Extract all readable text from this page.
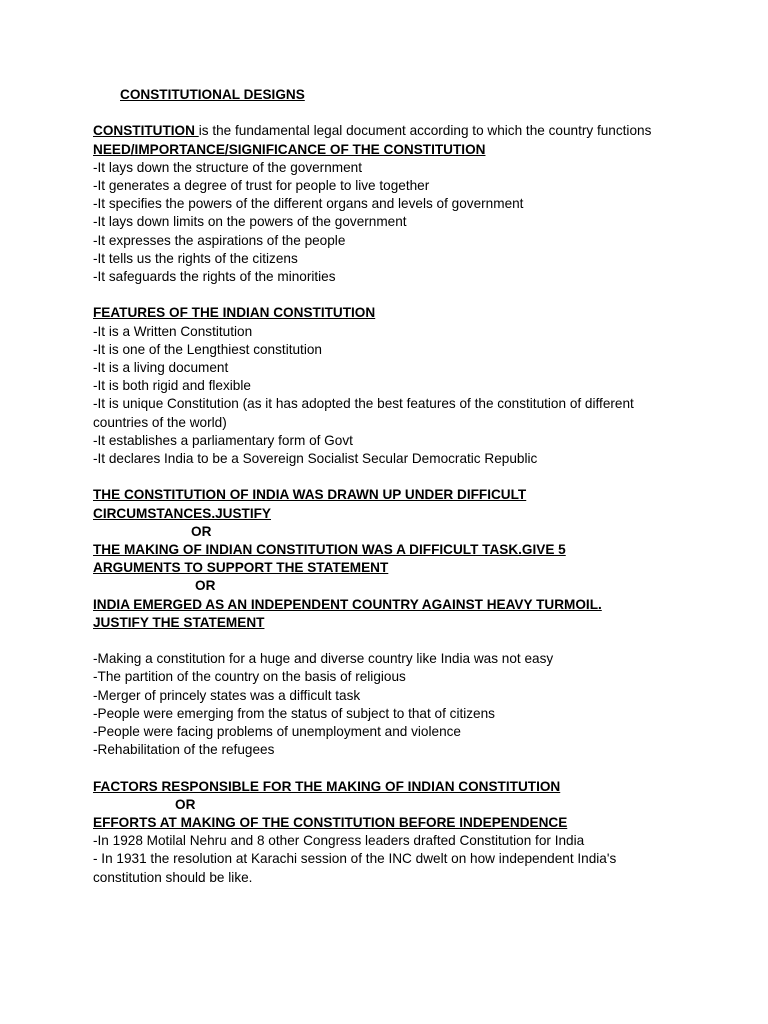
CONSTITUTIONAL DESIGNS
CONSTITUTION is the fundamental legal document according to which the country functions
NEED/IMPORTANCE/SIGNIFICANCE OF THE CONSTITUTION
-It lays down the structure of the government
-It generates a degree of trust for people to live together
-It specifies the powers of the different organs and levels of government
-It lays down limits on the powers of the government
-It expresses the aspirations of the people
-It tells us the rights of the citizens
-It safeguards the rights of the minorities
FEATURES OF THE INDIAN CONSTITUTION
-It is a Written Constitution
-It is one of the Lengthiest constitution
-It is a living document
-It is both rigid and flexible
-It is unique Constitution (as it has adopted the best features of the constitution of different countries of the world)
-It establishes a parliamentary form of Govt
-It declares India to be a Sovereign Socialist Secular Democratic Republic
THE CONSTITUTION OF INDIA WAS DRAWN UP UNDER DIFFICULT
CIRCUMSTANCES.JUSTIFY
OR
THE MAKING OF INDIAN CONSTITUTION WAS A DIFFICULT TASK.GIVE 5
ARGUMENTS TO SUPPORT THE STATEMENT
OR
INDIA EMERGED AS AN INDEPENDENT COUNTRY AGAINST HEAVY TURMOIL.
JUSTIFY THE STATEMENT
-Making a constitution for a huge and diverse country like India was not easy
-The partition of the country on the basis of religious
-Merger of princely states was a difficult task
-People were emerging from the status of subject to that of citizens
-People were facing problems of unemployment and violence
-Rehabilitation of the refugees
FACTORS RESPONSIBLE FOR THE MAKING OF INDIAN CONSTITUTION
OR
EFFORTS AT MAKING OF THE CONSTITUTION BEFORE INDEPENDENCE
-In 1928 Motilal Nehru and 8 other Congress leaders drafted Constitution for India
- In 1931 the resolution at Karachi session of the INC dwelt on how independent India's constitution should be like.
